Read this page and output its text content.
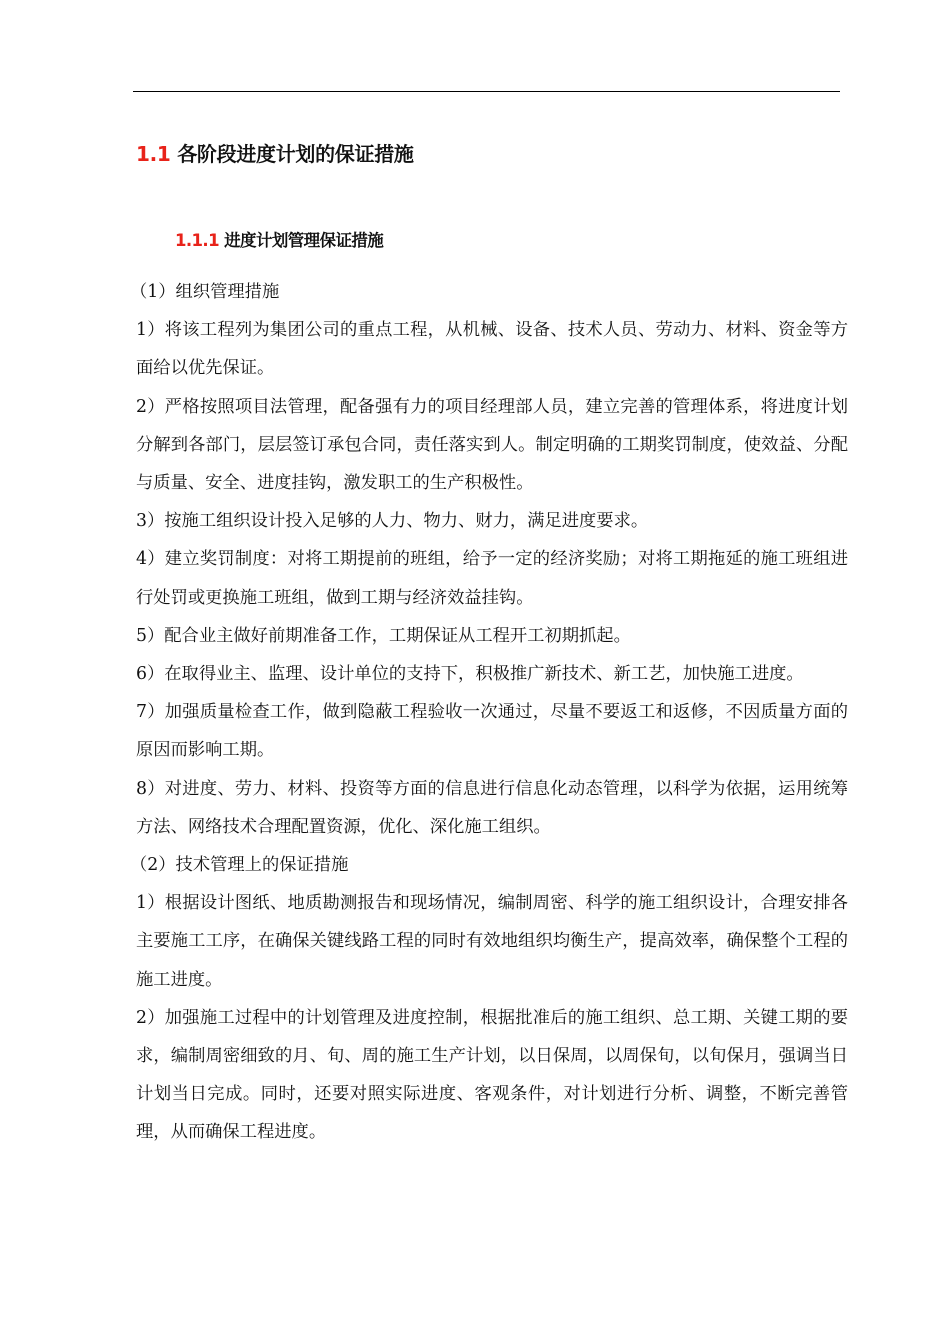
1.1 各阶段进度计划的保证措施
1.1.1 进度计划管理保证措施

（1）组织管理措施

1）将该工程列为集团公司的重点工程，从机械、设备、技术人员、劳动力、材料、资金等方面给以优先保证。

2）严格按照项目法管理，配备强有力的项目经理部人员，建立完善的管理体系，将进度计划分解到各部门，层层签订承包合同，责任落实到人。制定明确的工期奖罚制度，使效益、分配与质量、安全、进度挂钩，激发职工的生产积极性。

3）按施工组织设计投入足够的人力、物力、财力，满足进度要求。

4）建立奖罚制度：对将工期提前的班组，给予一定的经济奖励；对将工期拖延的施工班组进行处罚或更换施工班组，做到工期与经济效益挂钩。

5）配合业主做好前期准备工作，工期保证从工程开工初期抓起。

6）在取得业主、监理、设计单位的支持下，积极推广新技术、新工艺，加快施工进度。

7）加强质量检查工作，做到隐蔽工程验收一次通过，尽量不要返工和返修，不因质量方面的原因而影响工期。

8）对进度、劳力、材料、投资等方面的信息进行信息化动态管理，以科学为依据，运用统筹方法、网络技术合理配置资源，优化、深化施工组织。

（2）技术管理上的保证措施

1）根据设计图纸、地质勘测报告和现场情况，编制周密、科学的施工组织设计，合理安排各主要施工工序，在确保关键线路工程的同时有效地组织均衡生产，提高效率，确保整个工程的施工进度。

2）加强施工过程中的计划管理及进度控制，根据批准后的施工组织、总工期、关键工期的要求，编制周密细致的月、旬、周的施工生产计划，以日保周，以周保旬，以旬保月，强调当日计划当日完成。同时，还要对照实际进度、客观条件，对计划进行分析、调整，不断完善管理，从而确保工程进度。
